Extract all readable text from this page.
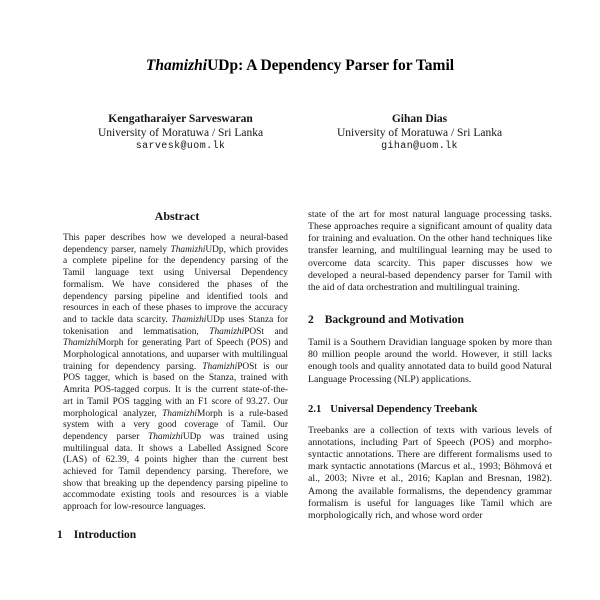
ThamizhiUDp: A Dependency Parser for Tamil
Kengatharaiyer Sarveswaran
University of Moratuwa / Sri Lanka
sarvesk@uom.lk
Gihan Dias
University of Moratuwa / Sri Lanka
gihan@uom.lk
Abstract

This paper describes how we developed a neural-based dependency parser, namely ThamizhiUDp, which provides a complete pipeline for the dependency parsing of the Tamil language text using Universal Dependency formalism. We have considered the phases of the dependency parsing pipeline and identified tools and resources in each of these phases to improve the accuracy and to tackle data scarcity. ThamizhiUDp uses Stanza for tokenisation and lemmatisation, ThamizhiPOSt and ThamizhiMorph for generating Part of Speech (POS) and Morphological annotations, and uuparser with multilingual training for dependency parsing. ThamizhiPOSt is our POS tagger, which is based on the Stanza, trained with Amrita POS-tagged corpus. It is the current state-of-the-art in Tamil POS tagging with an F1 score of 93.27. Our morphological analyzer, ThamizhiMorph is a rule-based system with a very good coverage of Tamil. Our dependency parser ThamizhiUDp was trained using multilingual data. It shows a Labelled Assigned Score (LAS) of 62.39, 4 points higher than the current best achieved for Tamil dependency parsing. Therefore, we show that breaking up the dependency parsing pipeline to accommodate existing tools and resources is a viable approach for low-resource languages.

1 Introduction

state of the art for most natural language processing tasks. These approaches require a significant amount of quality data for training and evaluation. On the other hand techniques like transfer learning, and multilingual learning may be used to overcome data scarcity. This paper discusses how we developed a neural-based dependency parser for Tamil with the aid of data orchestration and multilingual training.

2 Background and Motivation

Tamil is a Southern Dravidian language spoken by more than 80 million people around the world. However, it still lacks enough tools and quality annotated data to build good Natural Language Processing (NLP) applications.

2.1 Universal Dependency Treebank

Treebanks are a collection of texts with various levels of annotations, including Part of Speech (POS) and morpho-syntactic annotations. There are different formalisms used to mark syntactic annotations (Marcus et al., 1993; Böhmová et al., 2003; Nivre et al., 2016; Kaplan and Bresnan, 1982). Among the available formalisms, the dependency grammar formalism is useful for languages like Tamil which are morphologically rich, and whose word order
